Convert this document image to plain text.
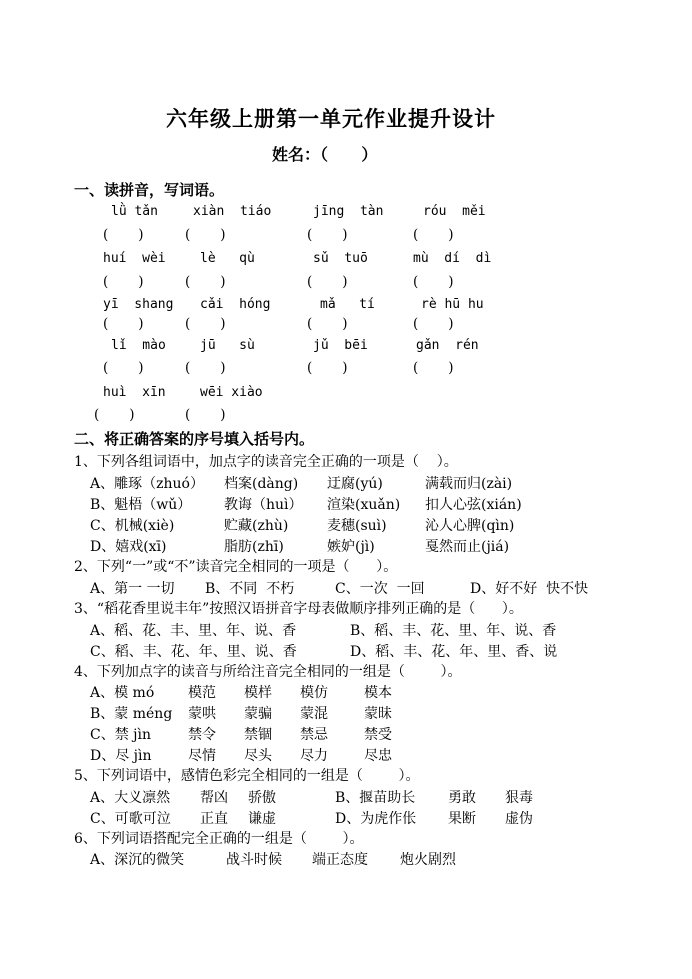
六年级上册第一单元作业提升设计
姓名：（      ）
一、读拼音，写词语。
lǜ tǎn	xiàn  tiáo	jīng  tàn	róu  měi
(       )	(       )	(       )	(       )
huí  wèi	lè   qù	sǔ  tuō	mù  dí  dì
(       )	(       )	(       )	(       )
yī  shang cǎi  hóng	mǎ   tí	rè hū hu
(       )	(       )	(       )	(       )
lǐ  mào	jū   sù	jǔ  bēi	gǎn  rén
(       )	(       )	(       )	(       )
huì  xīn	wēi xiào
(       )	(       )
二、将正确答案的序号填入括号内。
1、下列各组词语中，加点字的读音完全正确的一项是（    ）。
A、雕琢（zhuó） 档案(dàng) 迂腐(yú)	满载而归(zài)
B、魁梧（wǔ） 教诲（huì） 渲染(xuǎn) 扣人心弦(xián)
C、机械(xiè)	贮藏(zhù)	麦穗(suì)	沁人心脾(qìn)
D、嬉戏(xī)	脂肪(zhī)	嫉妒(jì)	戛然而止(jiá)
2、下列“一”或“不”读音完全相同的一项是（      ）。
A、第一 一切 B、不同  不朽	C、一次  一回	D、好不好  快不快
3、“稻花香里说丰年”按照汉语拼音字母表做顺序排列正确的是（      ）。
A、稻、花、丰、里、年、说、香	B、稻、丰、花、里、年、说、香
C、稻、丰、花、年、里、说、香	D、稻、丰、花、年、里、香、说
4、下列加点字的读音与所给注音完全相同的一组是（        ）。
A、模 mó 模范 模样 模仿	模本
B、蒙 méng 蒙哄 蒙骗 蒙混	蒙昧
C、禁 jìn	禁令 禁锢 禁忌	禁受
D、尽 jìn	尽情 尽头 尽力	尽忠
5、下列词语中，感情色彩完全相同的一组是（        ）。
A、大义凛然 帮凶 骄傲	B、揠苗助长 勇敢 狠毒
C、可歌可泣 正直 谦虚	D、为虎作伥 果断 虚伪
6、下列词语搭配完全正确的一组是（        ）。
A、深沉的微笑	战斗时候 端正态度 炮火剧烈
